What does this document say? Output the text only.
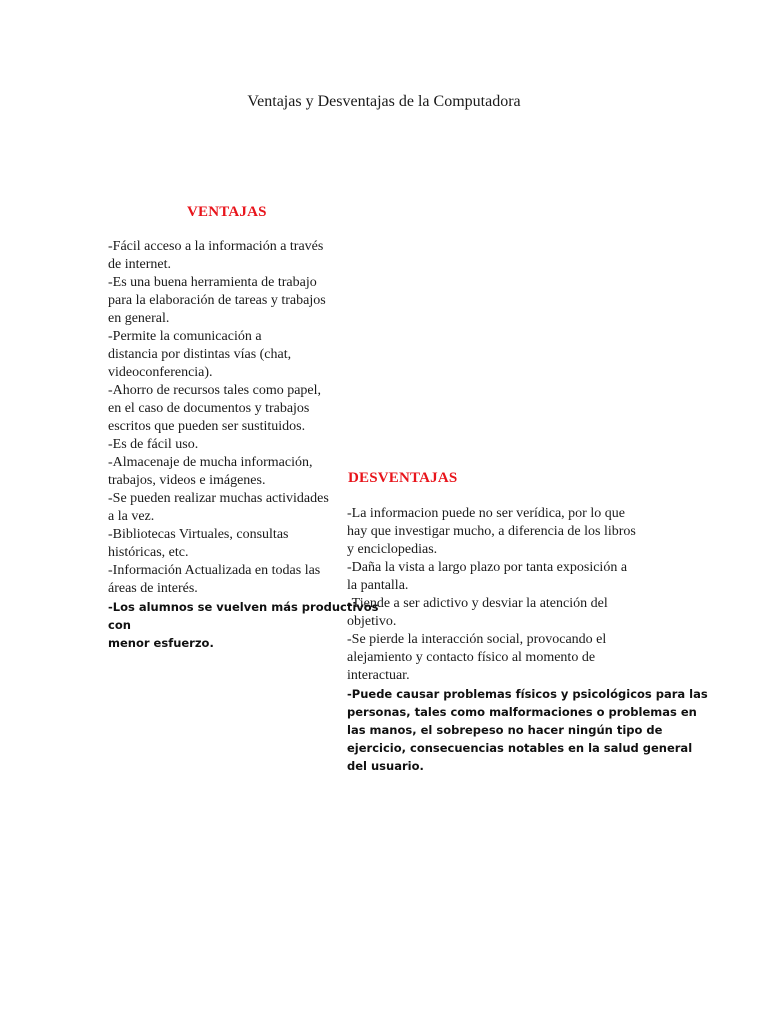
Ventajas y Desventajas de la Computadora
VENTAJAS
-Fácil acceso a la información a través
de internet.
-Es una buena herramienta de trabajo
para la elaboración de tareas y trabajos
en general.
-Permite la comunicación a
distancia por distintas vías (chat,
videoconferencia).
-Ahorro de recursos tales como papel,
en el caso de documentos y trabajos
escritos que pueden ser sustituidos.
-Es de fácil uso.
-Almacenaje de mucha información,
trabajos, videos e imágenes.
-Se pueden realizar muchas actividades
a la vez.
-Bibliotecas Virtuales, consultas
históricas, etc.
-Información Actualizada en todas las
áreas de interés.
-Los alumnos se vuelven más productivos
con
menor esfuerzo.
DESVENTAJAS
-La informacion puede no ser verídica, por lo que
hay que investigar mucho, a diferencia de los libros
y enciclopedias.
-Daña la vista a largo plazo por tanta exposición a
la pantalla.
-Tiende a ser adictivo y desviar la atención del
objetivo.
-Se pierde la interacción social, provocando el
alejamiento y contacto físico al momento de
interactuar.
-Puede causar problemas físicos y psicológicos para las
personas, tales como malformaciones o problemas en
las manos, el sobrepeso no hacer ningún tipo de
ejercicio, consecuencias notables en la salud general
del usuario.
